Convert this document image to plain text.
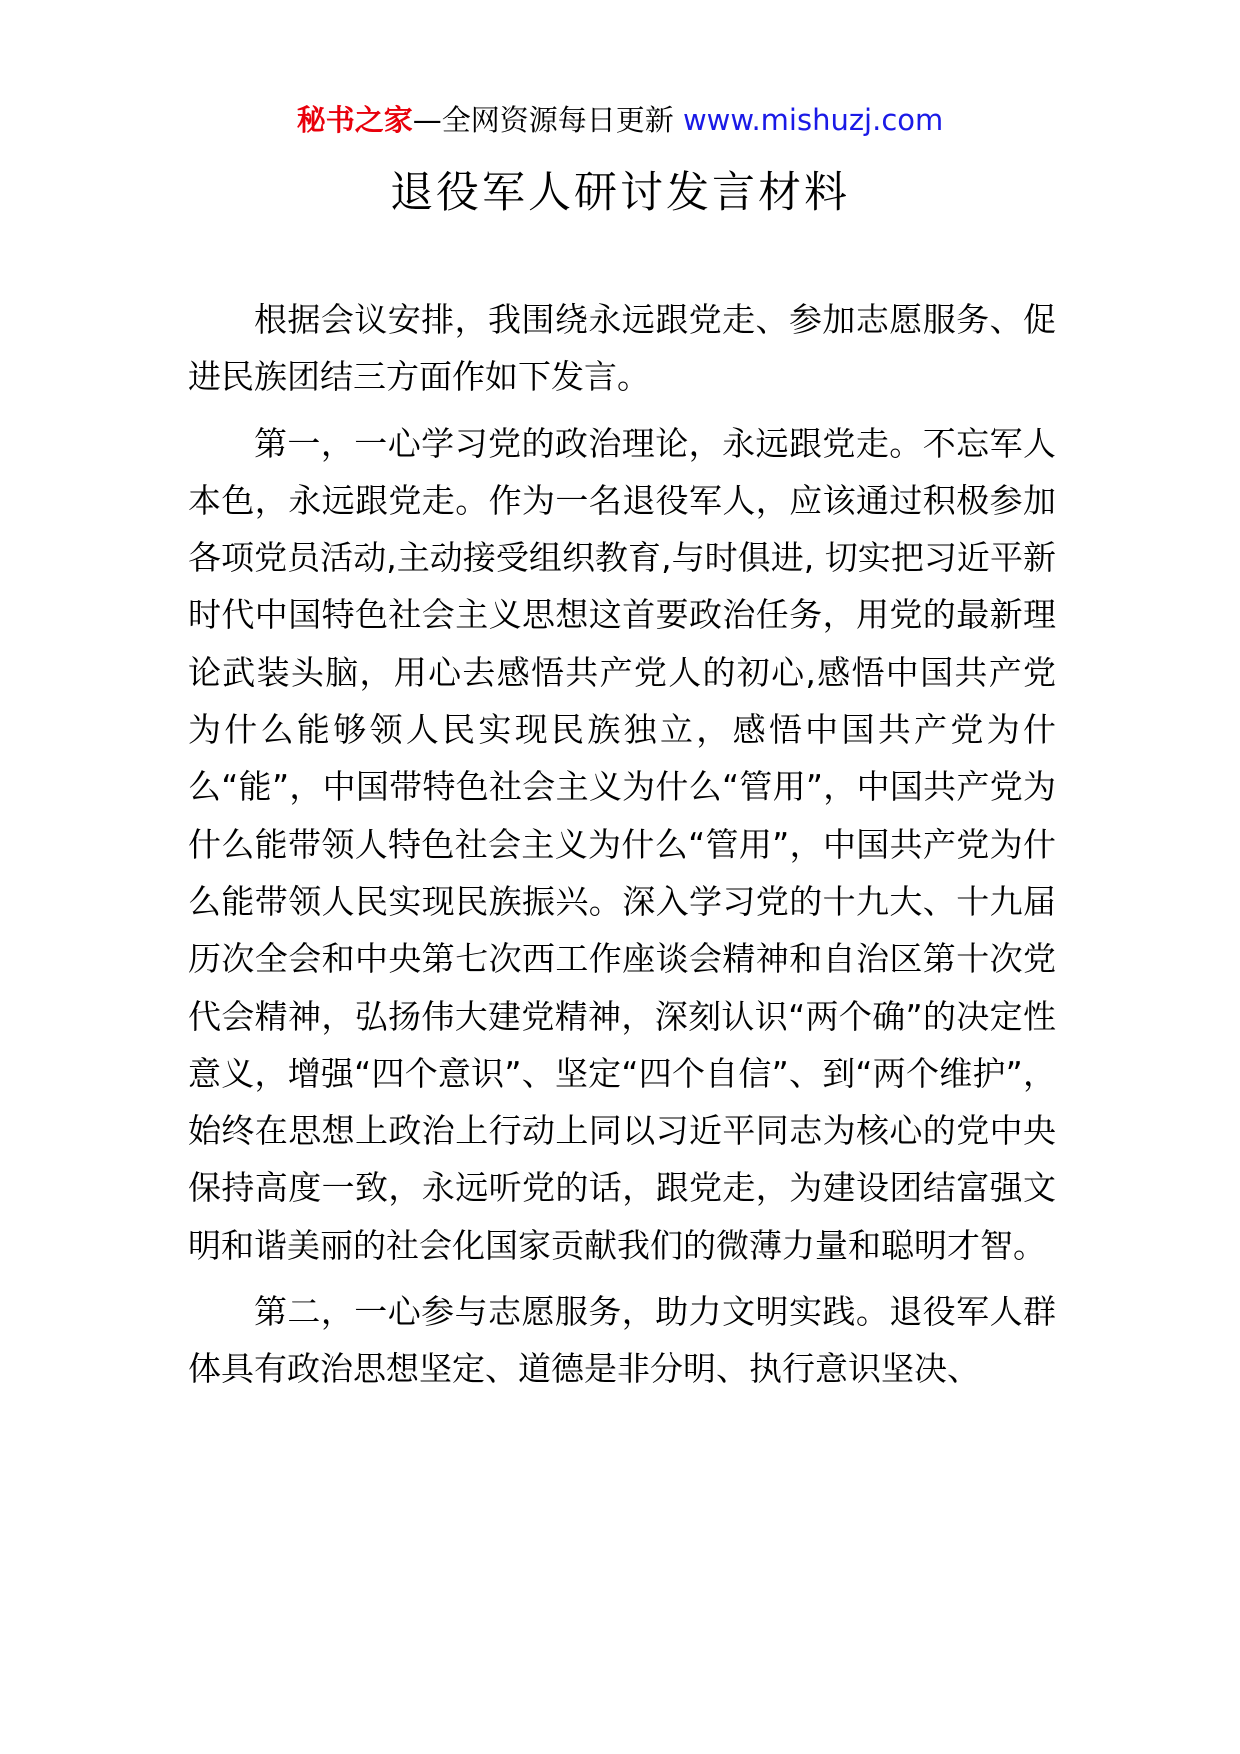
秘书之家—全网资源每日更新 www.mishuzj.com
退役军人研讨发言材料

根据会议安排，我围绕永远跟党走、参加志愿服务、促进民族团结三方面作如下发言。

第一，一心学习党的政治理论，永远跟党走。不忘军人本色，永远跟党走。作为一名退役军人，应该通过积极参加各项党员活动,主动接受组织教育,与时俱进, 切实把习近平新时代中国特色社会主义思想这首要政治任务，用党的最新理论武装头脑，用心去感悟共产党人的初心,感悟中国共产党为什么能够领人民实现民族独立，感悟中国共产党为什么“能”，中国带特色社会主义为什么“管用”，中国共产党为什么能带领人特色社会主义为什么“管用”，中国共产党为什么能带领人民实现民族振兴。深入学习党的十九大、十九届历次全会和中央第七次西工作座谈会精神和自治区第十次党代会精神，弘扬伟大建党精神，深刻认识“两个确”的决定性意义，增强“四个意识”、坚定“四个自信”、到“两个维护”，始终在思想上政治上行动上同以习近平同志为核心的党中央保持高度一致，永远听党的话，跟党走，为建设团结富强文明和谐美丽的社会化国家贡献我们的微薄力量和聪明才智。

第二，一心参与志愿服务，助力文明实践。退役军人群体具有政治思想坚定、道德是非分明、执行意识坚决、
